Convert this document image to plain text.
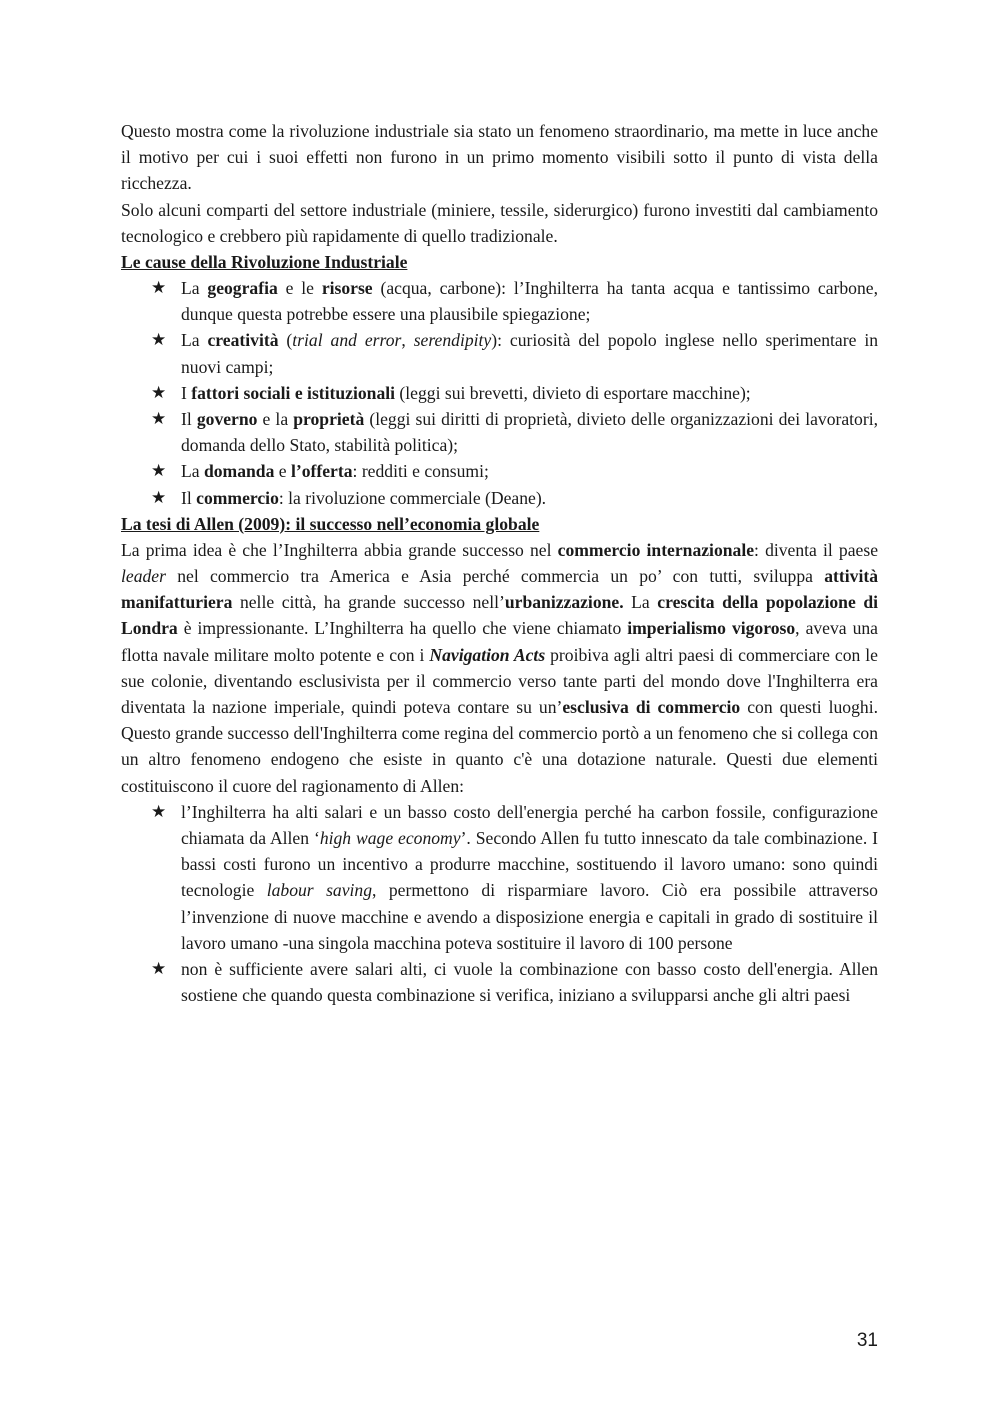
Questo mostra come la rivoluzione industriale sia stato un fenomeno straordinario, ma mette in luce anche il motivo per cui i suoi effetti non furono in un primo momento visibili sotto il punto di vista della ricchezza.

Solo alcuni comparti del settore industriale (miniere, tessile, siderurgico) furono investiti dal cambiamento tecnologico e crebbero più rapidamente di quello tradizionale.

Le cause della Rivoluzione Industriale
★ La geografia e le risorse (acqua, carbone): l’Inghilterra ha tanta acqua e tantissimo carbone, dunque questa potrebbe essere una plausibile spiegazione;
★ La creatività (trial and error, serendipity): curiosità del popolo inglese nello sperimentare in nuovi campi;
★ I fattori sociali e istituzionali (leggi sui brevetti, divieto di esportare macchine);
★ Il governo e la proprietà (leggi sui diritti di proprietà, divieto delle organizzazioni dei lavoratori, domanda dello Stato, stabilità politica);
★ La domanda e l’offerta: redditi e consumi;
★ Il commercio: la rivoluzione commerciale (Deane).
La tesi di Allen (2009): il successo nell’economia globale

La prima idea è che l’Inghilterra abbia grande successo nel commercio internazionale: diventa il paese leader nel commercio tra America e Asia perché commercia un po’ con tutti, sviluppa attività manifatturiera nelle città, ha grande successo nell’urbanizzazione. La crescita della popolazione di Londra è impressionante. L’Inghilterra ha quello che viene chiamato imperialismo vigoroso, aveva una flotta navale militare molto potente e con i Navigation Acts proibiva agli altri paesi di commerciare con le sue colonie, diventando esclusivista per il commercio verso tante parti del mondo dove l'Inghilterra era diventata la nazione imperiale, quindi poteva contare su un’esclusiva di commercio con questi luoghi. Questo grande successo dell'Inghilterra come regina del commercio portò a un fenomeno che si collega con un altro fenomeno endogeno che esiste in quanto c'è una dotazione naturale. Questi due elementi costituiscono il cuore del ragionamento di Allen:

★ l’Inghilterra ha alti salari e un basso costo dell'energia perché ha carbon fossile, configurazione chiamata da Allen ‘high wage economy’. Secondo Allen fu tutto innescato da tale combinazione. I bassi costi furono un incentivo a produrre macchine, sostituendo il lavoro umano: sono quindi tecnologie labour saving, permettono di risparmiare lavoro. Ciò era possibile attraverso l’invenzione di nuove macchine e avendo a disposizione energia e capitali in grado di sostituire il lavoro umano -una singola macchina poteva sostituire il lavoro di 100 persone
★ non è sufficiente avere salari alti, ci vuole la combinazione con basso costo dell'energia. Allen sostiene che quando questa combinazione si verifica, iniziano a svilupparsi anche gli altri paesi
31
